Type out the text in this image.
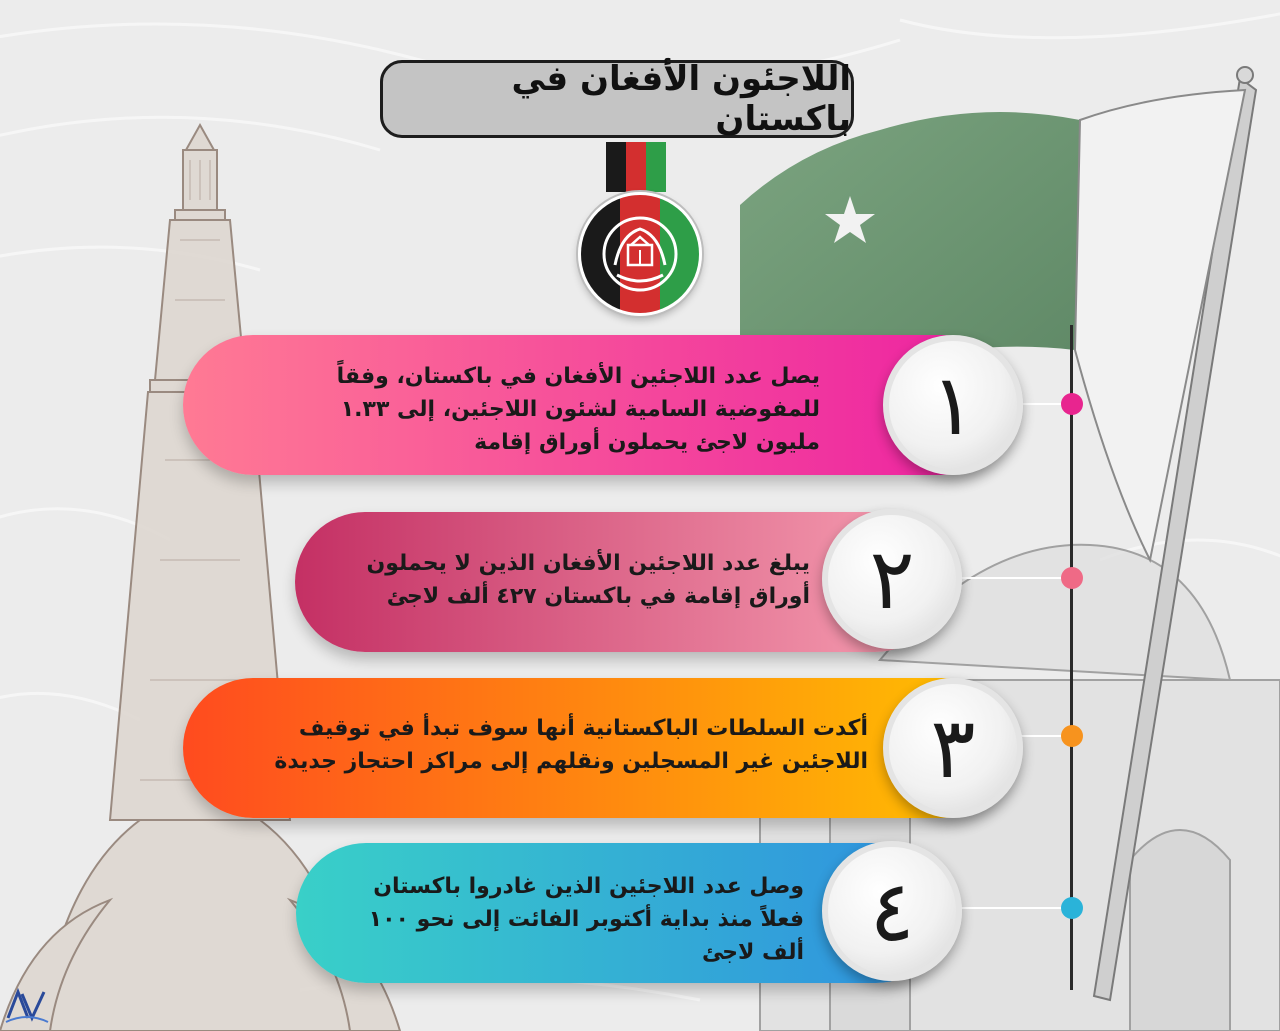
اللاجئون الأفغان في باكستان
يصل عدد اللاجئين الأفغان في باكستان، وفقاً
للمفوضية السامية لشئون اللاجئين، إلى ١.٣٣
مليون لاجئ يحملون أوراق إقامة	١
يبلغ عدد اللاجئين الأفغان الذين لا يحملون
أوراق إقامة في باكستان ٤٢٧ ألف لاجئ ٢
أكدت السلطات الباكستانية أنها سوف تبدأ في توقيف
اللاجئين غير المسجلين ونقلهم إلى مراكز احتجاز جديدة ٣
وصل عدد اللاجئين الذين غادروا باكستان
فعلاً منذ بداية أكتوبر الفائت إلى نحو ١٠٠
ألف لاجئ ٤
